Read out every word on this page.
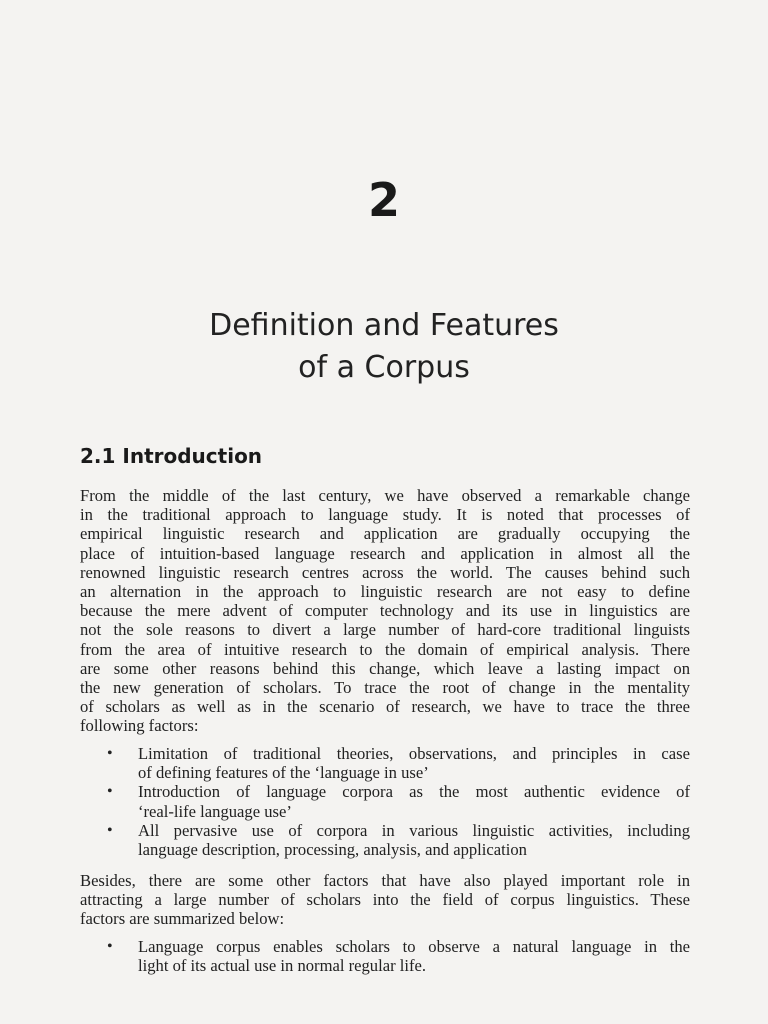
2
Definition and Features
of a Corpus
2.1 Introduction
From the middle of the last century, we have observed a remarkable change
in the traditional approach to language study. It is noted that processes of
empirical linguistic research and application are gradually occupying the
place of intuition-based language research and application in almost all the
renowned linguistic research centres across the world. The causes behind such
an alternation in the approach to linguistic research are not easy to define
because the mere advent of computer technology and its use in linguistics are
not the sole reasons to divert a large number of hard-core traditional linguists
from the area of intuitive research to the domain of empirical analysis. There
are some other reasons behind this change, which leave a lasting impact on
the new generation of scholars. To trace the root of change in the mentality
of scholars as well as in the scenario of research, we have to trace the three
following factors:
• Limitation of traditional theories, observations, and principles in case
of defining features of the ‘language in use’
• Introduction of language corpora as the most authentic evidence of
‘real-life language use’
• All pervasive use of corpora in various linguistic activities, including
language description, processing, analysis, and application
Besides, there are some other factors that have also played important role in
attracting a large number of scholars into the field of corpus linguistics. These
factors are summarized below:
• Language corpus enables scholars to observe a natural language in the
light of its actual use in normal regular life.
